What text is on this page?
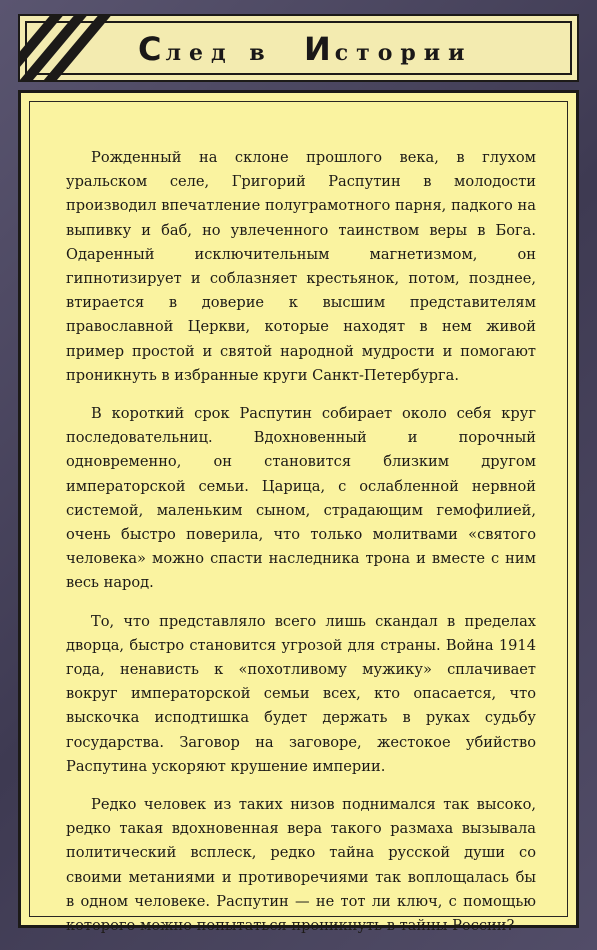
След в Истории

Рожденный на склоне прошлого века, в глухом уральском селе, Григорий Распутин в молодости производил впечатление полуграмотного парня, падкого на выпивку и баб, но увлеченного таинством веры в Бога. Одаренный исключительным магнетизмом, он гипнотизирует и соблазняет крестьянок, потом, позднее, втирается в доверие к высшим представителям православной Церкви, которые находят в нем живой пример простой и святой народной мудрости и помогают проникнуть в избранные круги Санкт-Петербурга.

В короткий срок Распутин собирает около себя круг последовательниц. Вдохновенный и порочный одновременно, он становится близким другом императорской семьи. Царица, с ослабленной нервной системой, маленьким сыном, страдающим гемофилией, очень быстро поверила, что только молитвами «святого человека» можно спасти наследника трона и вместе с ним весь народ.

То, что представляло всего лишь скандал в пределах дворца, быстро становится угрозой для страны. Война 1914 года, ненависть к «похотливому мужику» сплачивает вокруг императорской семьи всех, кто опасается, что выскочка исподтишка будет держать в руках судьбу государства. Заговор на заговоре, жестокое убийство Распутина ускоряют крушение империи.

Редко человек из таких низов поднимался так высоко, редко такая вдохновенная вера такого размаха вызывала политический всплеск, редко тайна русской души со своими метаниями и противоречиями так воплощалась бы в одном человеке. Распутин — не тот ли ключ, с помощью которого можно попытаться проникнуть в тайны России?
